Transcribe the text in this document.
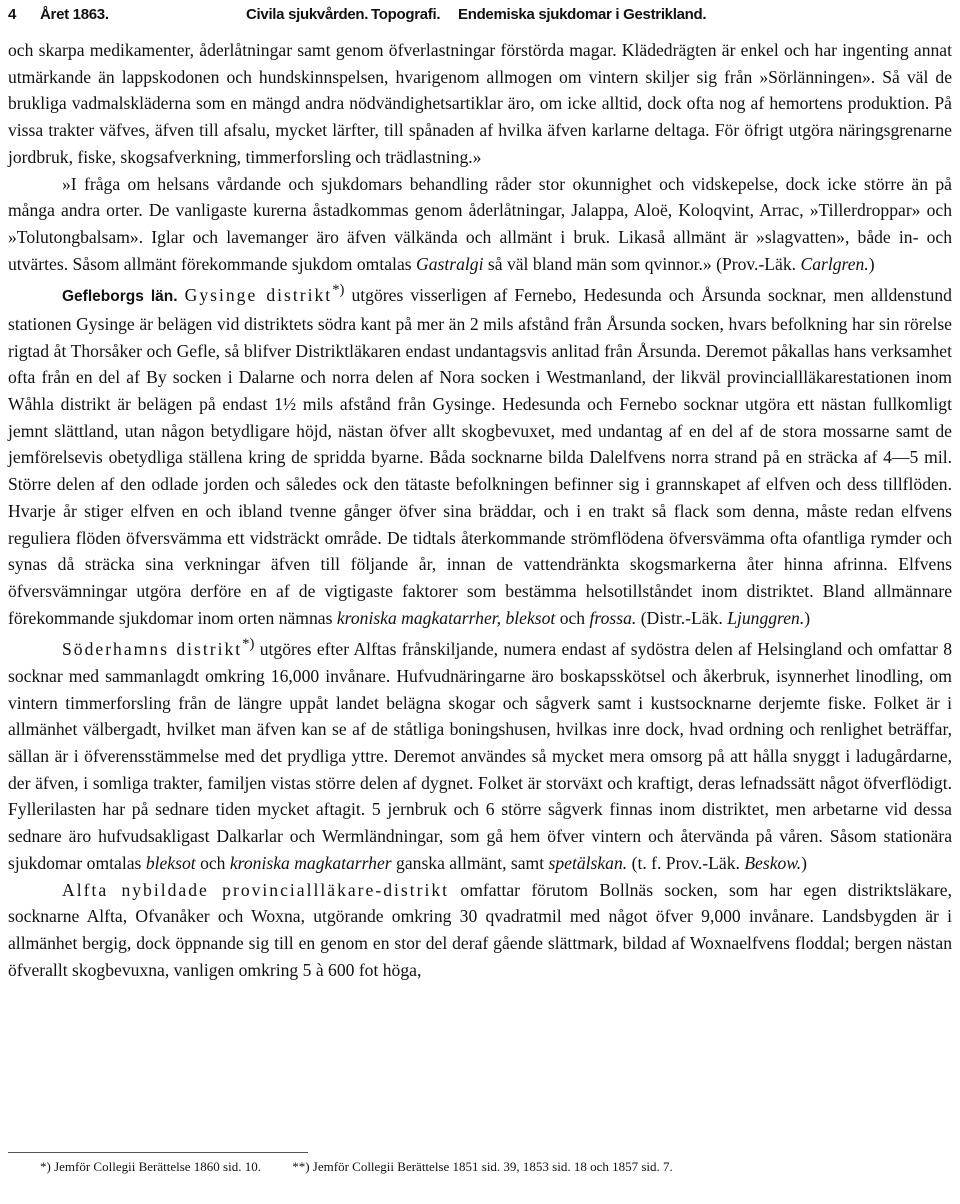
4 Året 1863.	Civila sjukvården. Topografi. Endemiska sjukdomar i Gestrikland.

och skarpa medikamenter, åderlåtningar samt genom öfverlastningar förstörda magar. Klädedrägten är enkel och har ingenting annat utmärkande än lappskodonen och hundskinnspelsen, hvarigenom allmogen om vintern skiljer sig från »Sörlänningen». Så väl de brukliga vadmalskläderna som en mängd andra nödvändighetsartiklar äro, om icke alltid, dock ofta nog af hemortens produktion. På vissa trakter väfves, äfven till afsalu, mycket lärfter, till spånaden af hvilka äfven karlarne deltaga. För öfrigt utgöra näringsgrenarne jordbruk, fiske, skogsafverkning, timmerforsling och trädlastning.»

»I fråga om helsans vårdande och sjukdomars behandling råder stor okunnighet och vidskepelse, dock icke större än på många andra orter. De vanligaste kurerna åstadkommas genom åderlåtningar, Jalappa, Aloë, Koloqvint, Arrac, »Tillerdroppar» och »Tolutongbalsam». Iglar och lavemanger äro äfven välkända och allmänt i bruk. Likaså allmänt är »slagvatten», både in- och utvärtes. Såsom allmänt förekommande sjukdom omtalas Gastralgi så väl bland män som qvinnor.» (Prov.-Läk. Carlgren.)

Gefleborgs län. Gysinge distrikt*) utgöres visserligen af Fernebo, Hedesunda och Årsunda socknar, men alldenstund stationen Gysinge är belägen vid distriktets södra kant på mer än 2 mils afstånd från Årsunda socken, hvars befolkning har sin rörelse rigtad åt Thorsåker och Gefle, så blifver Distriktläkaren endast undantagsvis anlitad från Årsunda. Deremot påkallas hans verksamhet ofta från en del af By socken i Dalarne och norra delen af Nora socken i Westmanland, der likväl provinciallläkarestationen inom Wåhla distrikt är belägen på endast 1½ mils afstånd från Gysinge. Hedesunda och Fernebo socknar utgöra ett nästan fullkomligt jemnt slättland, utan någon betydligare höjd, nästan öfver allt skogbevuxet, med undantag af en del af de stora mossarne samt de jemförelsevis obetydliga ställena kring de spridda byarne. Båda socknarne bilda Dalelfvens norra strand på en sträcka af 4—5 mil. Större delen af den odlade jorden och således ock den tätaste befolkningen befinner sig i grannskapet af elfven och dess tillflöden. Hvarje år stiger elfven en och ibland tvenne gånger öfver sina bräddar, och i en trakt så flack som denna, måste redan elfvens reguliera flöden öfversvämma ett vidsträckt område. De tidtals återkommande strömflödena öfversvämma ofta ofantliga rymder och synas då sträcka sina verkningar äfven till följande år, innan de vattendränkta skogsmarkerna åter hinna afrinna. Elfvens öfversvämningar utgöra derföre en af de vigtigaste faktorer som bestämma helsotillståndet inom distriktet. Bland allmännare förekommande sjukdomar inom orten nämnas kroniska magkatarrher, bleksot och frossa. (Distr.-Läk. Ljunggren.)

Söderhamns distrikt*) utgöres efter Alftas frånskiljande, numera endast af sydöstra delen af Helsingland och omfattar 8 socknar med sammanlagdt omkring 16,000 invånare. Hufvudnäringarne äro boskapsskötsel och åkerbruk, isynnerhet linodling, om vintern timmerforsling från de längre uppåt landet belägna skogar och sågverk samt i kustsocknarne derjemte fiske. Folket är i allmänhet välbergadt, hvilket man äfven kan se af de ståtliga boningshusen, hvilkas inre dock, hvad ordning och renlighet beträffar, sällan är i öfverensstämmelse med det prydliga yttre. Deremot användes så mycket mera omsorg på att hålla snyggt i ladugårdarne, der äfven, i somliga trakter, familjen vistas större delen af dygnet. Folket är storväxt och kraftigt, deras lefnadssätt något öfverflödigt. Fyllerilasten har på sednare tiden mycket aftagit. 5 jernbruk och 6 större sågverk finnas inom distriktet, men arbetarne vid dessa sednare äro hufvudsakligast Dalkarlar och Wermländningar, som gå hem öfver vintern och återvända på våren. Såsom stationära sjukdomar omtalas bleksot och kroniska magkatarrher ganska allmänt, samt spetälskan. (t. f. Prov.-Läk. Beskow.)

Alfta nybildade provinciallläkare-distrikt omfattar förutom Bollnäs socken, som har egen distriktsläkare, socknarne Alfta, Ofvanåker och Woxna, utgörande omkring 30 qvadratmil med något öfver 9,000 invånare. Landsbygden är i allmänhet bergig, dock öppnande sig till en genom en stor del deraf gående slättmark, bildad af Woxnaelfvens floddal; bergen nästan öfverallt skogbevuxna, vanligen omkring 5 à 600 fot höga,

*) Jemför Collegii Berättelse 1860 sid. 10. **) Jemför Collegii Berättelse 1851 sid. 39, 1853 sid. 18 och 1857 sid. 7.
